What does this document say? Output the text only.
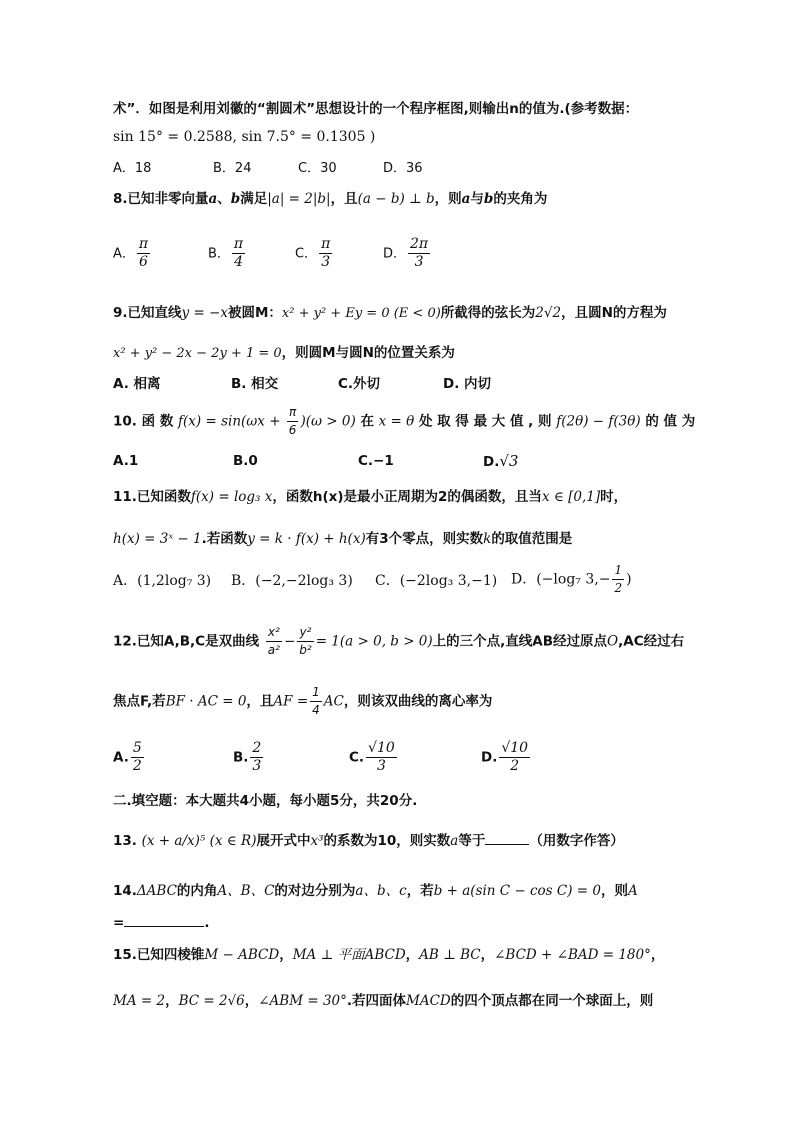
术”．如图是利用刘徽的“割圆术”思想设计的一个程序框图,则输出n的值为.(参考数据：
sin 15° = 0.2588, sin 7.5° = 0.1305 )
A．18	B．24	C．30	D．36
8.已知非零向量a、b满足|a| = 2|b|，且(a − b) ⊥ b，则a与b的夹角为
A． $\frac{\pi}{6}$	B． $\frac{\pi}{4}$	C． $\frac{\pi}{3}$	D． $\frac{2\pi}{3}$
9.已知直线y = −x被圆M：x² + y² + Ey = 0 (E < 0)所截得的弦长为2√2，且圆N的方程为
x² + y² − 2x − 2y + 1 = 0，则圆M与圆N的位置关系为
A. 相离	B. 相交	C.外切	D. 内切
10. 函 数 $f(x) = \sin(\omega x + \frac{\pi}{6} )(\omega > 0)$ 在 x = θ 处 取 得 最 大 值 , 则 f(2θ) − f(3θ) 的 值 为
A.1	B.0	C.−1	D.√3
11.已知函数f(x) = log₃ x，函数h(x)是最小正周期为2的偶函数，且当x ∈ [0,1]时，
h(x) = 3ˣ − 1.若函数y = k · f(x) + h(x)有3个零点，则实数k的取值范围是
A．(1,2log₇ 3) B．(−2,−2log₃ 3) C．(−2log₃ 3,−1) D．(−log₇ $3,- \frac{1}{2}$ )
12.已知A,B,C是双曲线 $\frac{\text{x²}}{\text{a²}} - \frac{\text{y²}}{\text{b²}} = 1(a > 0$, b > 0)上的三个点,直线AB经过原点O,AC经过右
焦点F,若BF · AC = 0，且AF = $\frac{1}{4}$ AC，则该双曲线的离心率为
A. $\frac{5}{2}$	B. $\frac{2}{3}$	C. $\frac{√10}{3}$	D. $\frac{√10}{2}$
二.填空题：本大题共4小题，每小题5分，共20分.
13. (x + a/x)⁵ (x ∈ R)展开式中x³的系数为10，则实数a等于	（用数字作答）
14.ΔABC的内角A、B、C的对边分别为a、b、c，若b + a(sin C − cos C) = 0，则A
=	.
15.已知四棱锥M − ABCD，MA ⊥ 平面ABCD，AB ⊥ BC，∠BCD + ∠BAD = 180°，
MA = 2，BC = 2√6，∠ABM = 30°.若四面体MACD的四个顶点都在同一个球面上，则
